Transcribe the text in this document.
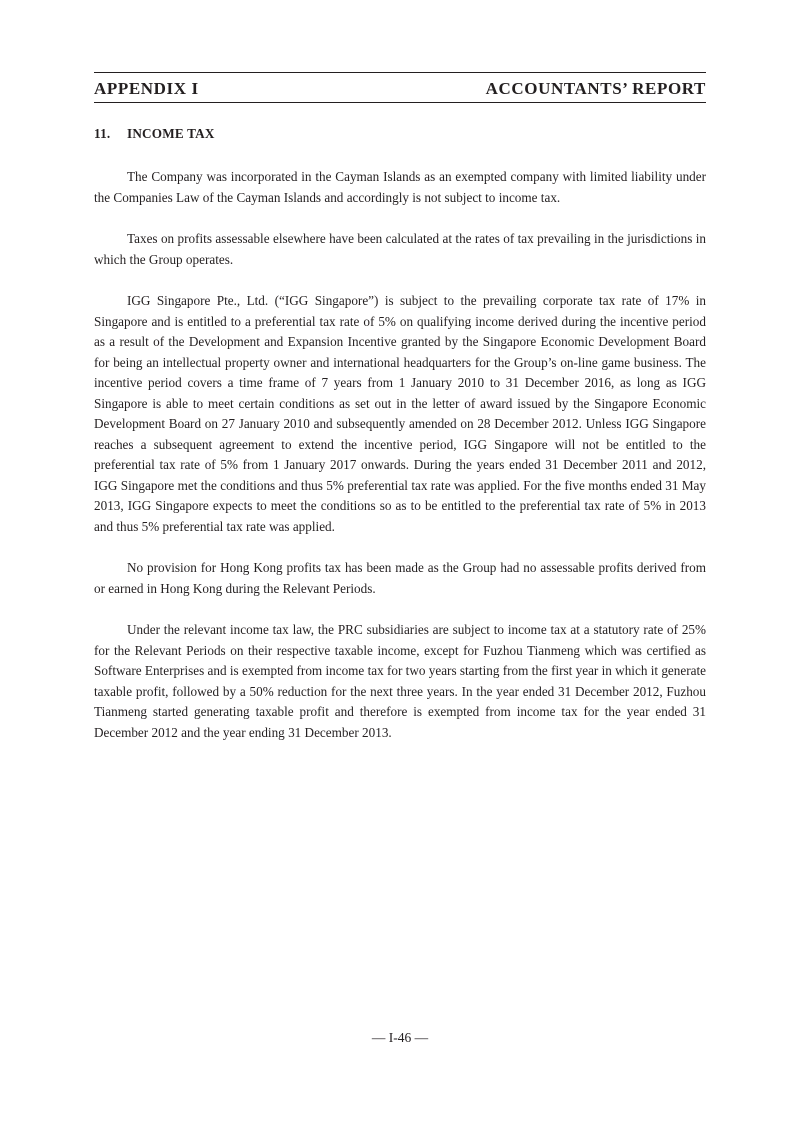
APPENDIX I	ACCOUNTANTS’ REPORT
11. INCOME TAX

The Company was incorporated in the Cayman Islands as an exempted company with limited liability under the Companies Law of the Cayman Islands and accordingly is not subject to income tax.

Taxes on profits assessable elsewhere have been calculated at the rates of tax prevailing in the jurisdictions in which the Group operates.

IGG Singapore Pte., Ltd. (“IGG Singapore”) is subject to the prevailing corporate tax rate of 17% in Singapore and is entitled to a preferential tax rate of 5% on qualifying income derived during the incentive period as a result of the Development and Expansion Incentive granted by the Singapore Economic Development Board for being an intellectual property owner and international headquarters for the Group’s on-line game business. The incentive period covers a time frame of 7 years from 1 January 2010 to 31 December 2016, as long as IGG Singapore is able to meet certain conditions as set out in the letter of award issued by the Singapore Economic Development Board on 27 January 2010 and subsequently amended on 28 December 2012. Unless IGG Singapore reaches a subsequent agreement to extend the incentive period, IGG Singapore will not be entitled to the preferential tax rate of 5% from 1 January 2017 onwards. During the years ended 31 December 2011 and 2012, IGG Singapore met the conditions and thus 5% preferential tax rate was applied. For the five months ended 31 May 2013, IGG Singapore expects to meet the conditions so as to be entitled to the preferential tax rate of 5% in 2013 and thus 5% preferential tax rate was applied.

No provision for Hong Kong profits tax has been made as the Group had no assessable profits derived from or earned in Hong Kong during the Relevant Periods.

Under the relevant income tax law, the PRC subsidiaries are subject to income tax at a statutory rate of 25% for the Relevant Periods on their respective taxable income, except for Fuzhou Tianmeng which was certified as Software Enterprises and is exempted from income tax for two years starting from the first year in which it generate taxable profit, followed by a 50% reduction for the next three years. In the year ended 31 December 2012, Fuzhou Tianmeng started generating taxable profit and therefore is exempted from income tax for the year ended 31 December 2012 and the year ending 31 December 2013.

— I-46 —
